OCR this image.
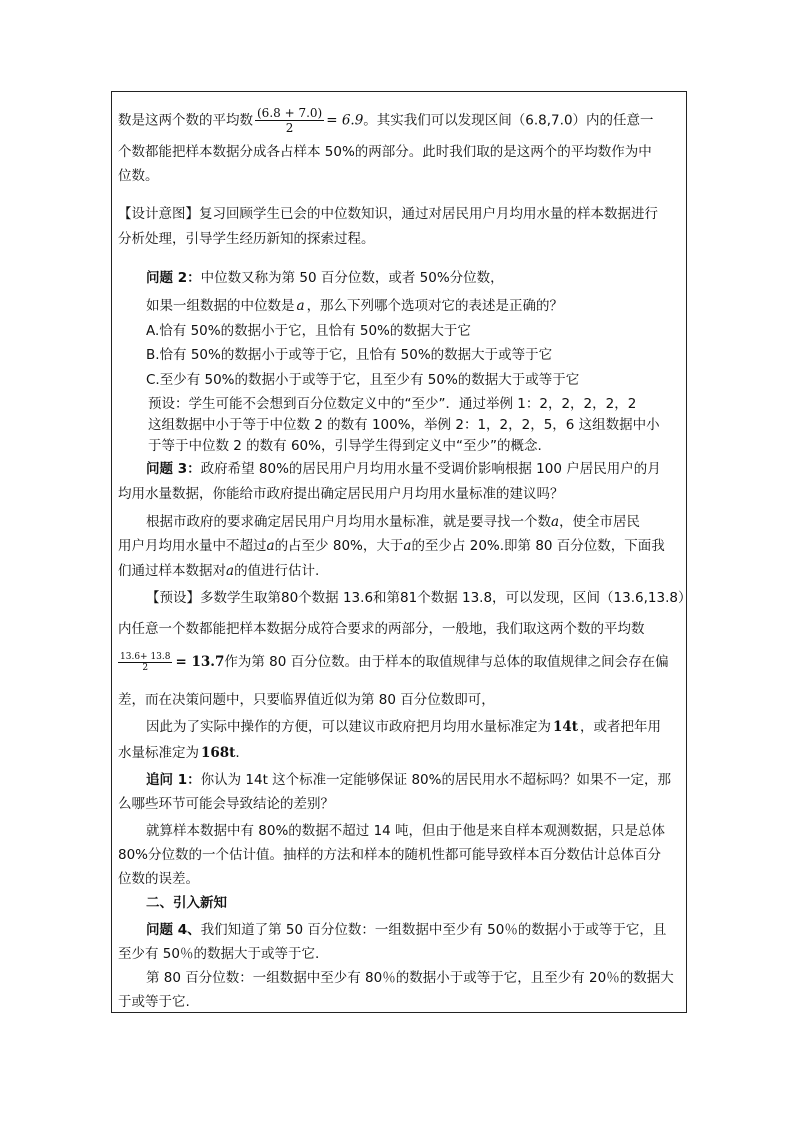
数是这两个数的平均数 $\frac{(6.8 + 7.0)}{2} = 6.9$。其实我们可以发现区间（6.8,7.0）内的任意一
个数都能把样本数据分成各占样本 50%的两部分。此时我们取的是这两个的平均数作为中
位数。
【设计意图】复习回顾学生已会的中位数知识，通过对居民用户月均用水量的样本数据进行
分析处理，引导学生经历新知的探索过程。
问题 2：中位数又称为第 50 百分位数，或者 50%分位数，
如果一组数据的中位数是 a ，那么下列哪个选项对它的表述是正确的？
A.恰有 50%的数据小于它，且恰有 50%的数据大于它
B.恰有 50%的数据小于或等于它，且恰有 50%的数据大于或等于它
C.至少有 50%的数据小于或等于它，且至少有 50%的数据大于或等于它
预设：学生可能不会想到百分位数定义中的“至少”．通过举例 1：2，2，2，2，2
这组数据中小于等于中位数 2 的数有 100%，举例 2：1，2，2，5，6 这组数据中小
于等于中位数 2 的数有 60%，引导学生得到定义中“至少”的概念.
问题 3：政府希望 80%的居民用户月均用水量不受调价影响根据 100 户居民用户的月
均用水量数据，你能给市政府提出确定居民用户月均用水量标准的建议吗？
根据市政府的要求确定居民用户月均用水量标准，就是要寻找一个数a，使全市居民
用户月均用水量中不超过a的占至少 80%，大于a的至少占 20%.即第 80 百分位数，下面我
们通过样本数据对a的值进行估计.
【预设】多数学生取第80个数据 13.6和第81个数据 13.8，可以发现，区间（13.6,13.8）
内任意一个数都能把样本数据分成符合要求的两部分，一般地，我们取这两个数的平均数
$\frac{13.6+ 13.8}{2} = 13.7$作为第 80 百分位数。由于样本的取值规律与总体的取值规律之间会存在偏
差，而在决策问题中，只要临界值近似为第 80 百分位数即可，
因此为了实际中操作的方便，可以建议市政府把月均用水量标准定为 14t ，或者把年用
水量标准定为 168t.
追问 1：你认为 14t 这个标准一定能够保证 80%的居民用水不超标吗？如果不一定，那
么哪些环节可能会导致结论的差别？
就算样本数据中有 80%的数据不超过 14 吨，但由于他是来自样本观测数据，只是总体
80%分位数的一个估计值。抽样的方法和样本的随机性都可能导致样本百分数估计总体百分
位数的误差。
二、引入新知
问题 4、我们知道了第 50 百分位数：一组数据中至少有 50％的数据小于或等于它，且
至少有 50％的数据大于或等于它.
第 80 百分位数：一组数据中至少有 80％的数据小于或等于它，且至少有 20％的数据大
于或等于它.
